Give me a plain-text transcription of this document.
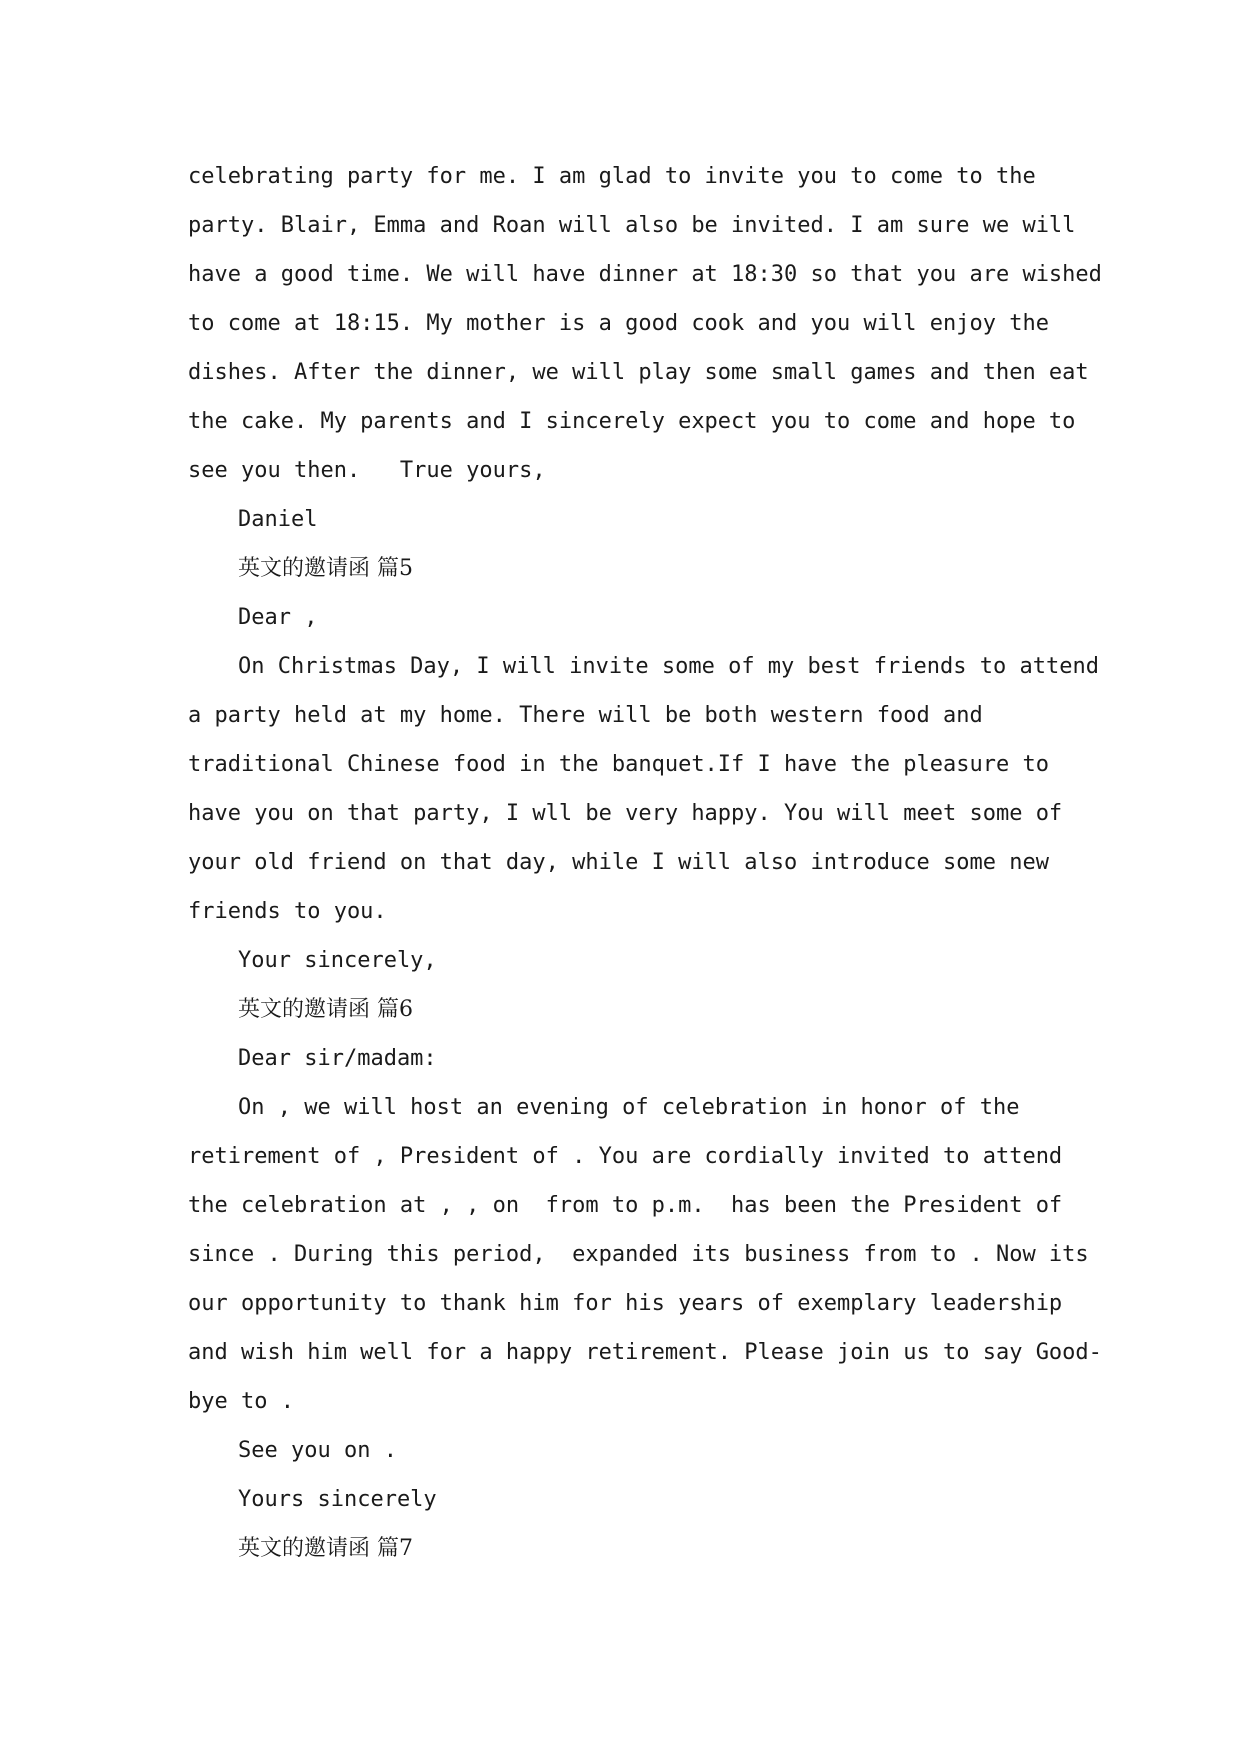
celebrating party for me. I am glad to invite you to come to the
party. Blair, Emma and Roan will also be invited. I am sure we will
have a good time. We will have dinner at 18:30 so that you are wished
to come at 18:15. My mother is a good cook and you will enjoy the
dishes. After the dinner, we will play some small games and then eat
the cake. My parents and I sincerely expect you to come and hope to
see you then.   True yours,
Daniel
英文的邀请函 篇5
Dear ,
On Christmas Day, I will invite some of my best friends to attend
a party held at my home. There will be both western food and
traditional Chinese food in the banquet.If I have the pleasure to
have you on that party, I wll be very happy. You will meet some of
your old friend on that day, while I will also introduce some new
friends to you.
Your sincerely,
英文的邀请函 篇6
Dear sir/madam:
On , we will host an evening of celebration in honor of the
retirement of , President of . You are cordially invited to attend
the celebration at , , on  from to p.m.  has been the President of
since . During this period,  expanded its business from to . Now its
our opportunity to thank him for his years of exemplary leadership
and wish him well for a happy retirement. Please join us to say Good-
bye to .
See you on .
Yours sincerely
英文的邀请函 篇7
